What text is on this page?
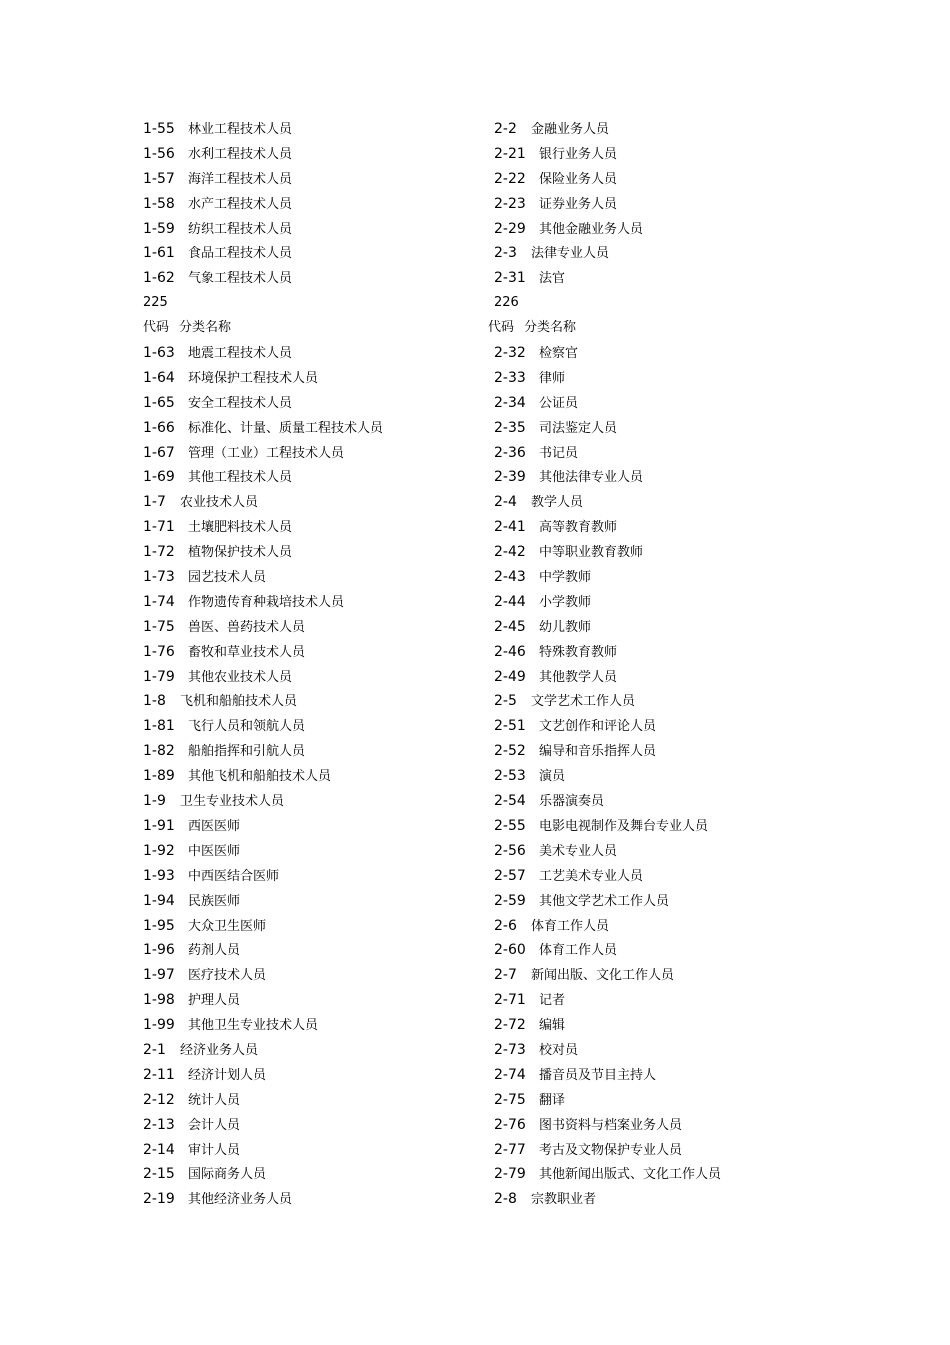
1-55 林业工程技术人员
1-56 水利工程技术人员
1-57 海洋工程技术人员
1-58 水产工程技术人员
1-59 纺织工程技术人员
1-61 食品工程技术人员
1-62 气象工程技术人员
225
代码 分类名称
1-63 地震工程技术人员
1-64 环境保护工程技术人员
1-65 安全工程技术人员
1-66 标准化、计量、质量工程技术人员
1-67 管理（工业）工程技术人员
1-69 其他工程技术人员
1-7 农业技术人员
1-71 土壤肥料技术人员
1-72 植物保护技术人员
1-73 园艺技术人员
1-74 作物遗传育种栽培技术人员
1-75 兽医、兽药技术人员
1-76 畜牧和草业技术人员
1-79 其他农业技术人员
1-8 飞机和船舶技术人员
1-81 飞行人员和领航人员
1-82 船舶指挥和引航人员
1-89 其他飞机和船舶技术人员
1-9 卫生专业技术人员
1-91 西医医师
1-92 中医医师
1-93 中西医结合医师
1-94 民族医师
1-95 大众卫生医师
1-96 药剂人员
1-97 医疗技术人员
1-98 护理人员
1-99 其他卫生专业技术人员
2-1 经济业务人员
2-11 经济计划人员
2-12 统计人员
2-13 会计人员
2-14 审计人员
2-15 国际商务人员
2-19 其他经济业务人员
2-2 金融业务人员
2-21 银行业务人员
2-22 保险业务人员
2-23 证券业务人员
2-29 其他金融业务人员
2-3 法律专业人员
2-31 法官
226
代码 分类名称
2-32 检察官
2-33 律师
2-34 公证员
2-35 司法鉴定人员
2-36 书记员
2-39 其他法律专业人员
2-4 教学人员
2-41 高等教育教师
2-42 中等职业教育教师
2-43 中学教师
2-44 小学教师
2-45 幼儿教师
2-46 特殊教育教师
2-49 其他教学人员
2-5 文学艺术工作人员
2-51 文艺创作和评论人员
2-52 编导和音乐指挥人员
2-53 演员
2-54 乐器演奏员
2-55 电影电视制作及舞台专业人员
2-56 美术专业人员
2-57 工艺美术专业人员
2-59 其他文学艺术工作人员
2-6 体育工作人员
2-60 体育工作人员
2-7 新闻出版、文化工作人员
2-71 记者
2-72 编辑
2-73 校对员
2-74 播音员及节目主持人
2-75 翻译
2-76 图书资料与档案业务人员
2-77 考古及文物保护专业人员
2-79 其他新闻出版式、文化工作人员
2-8 宗教职业者
